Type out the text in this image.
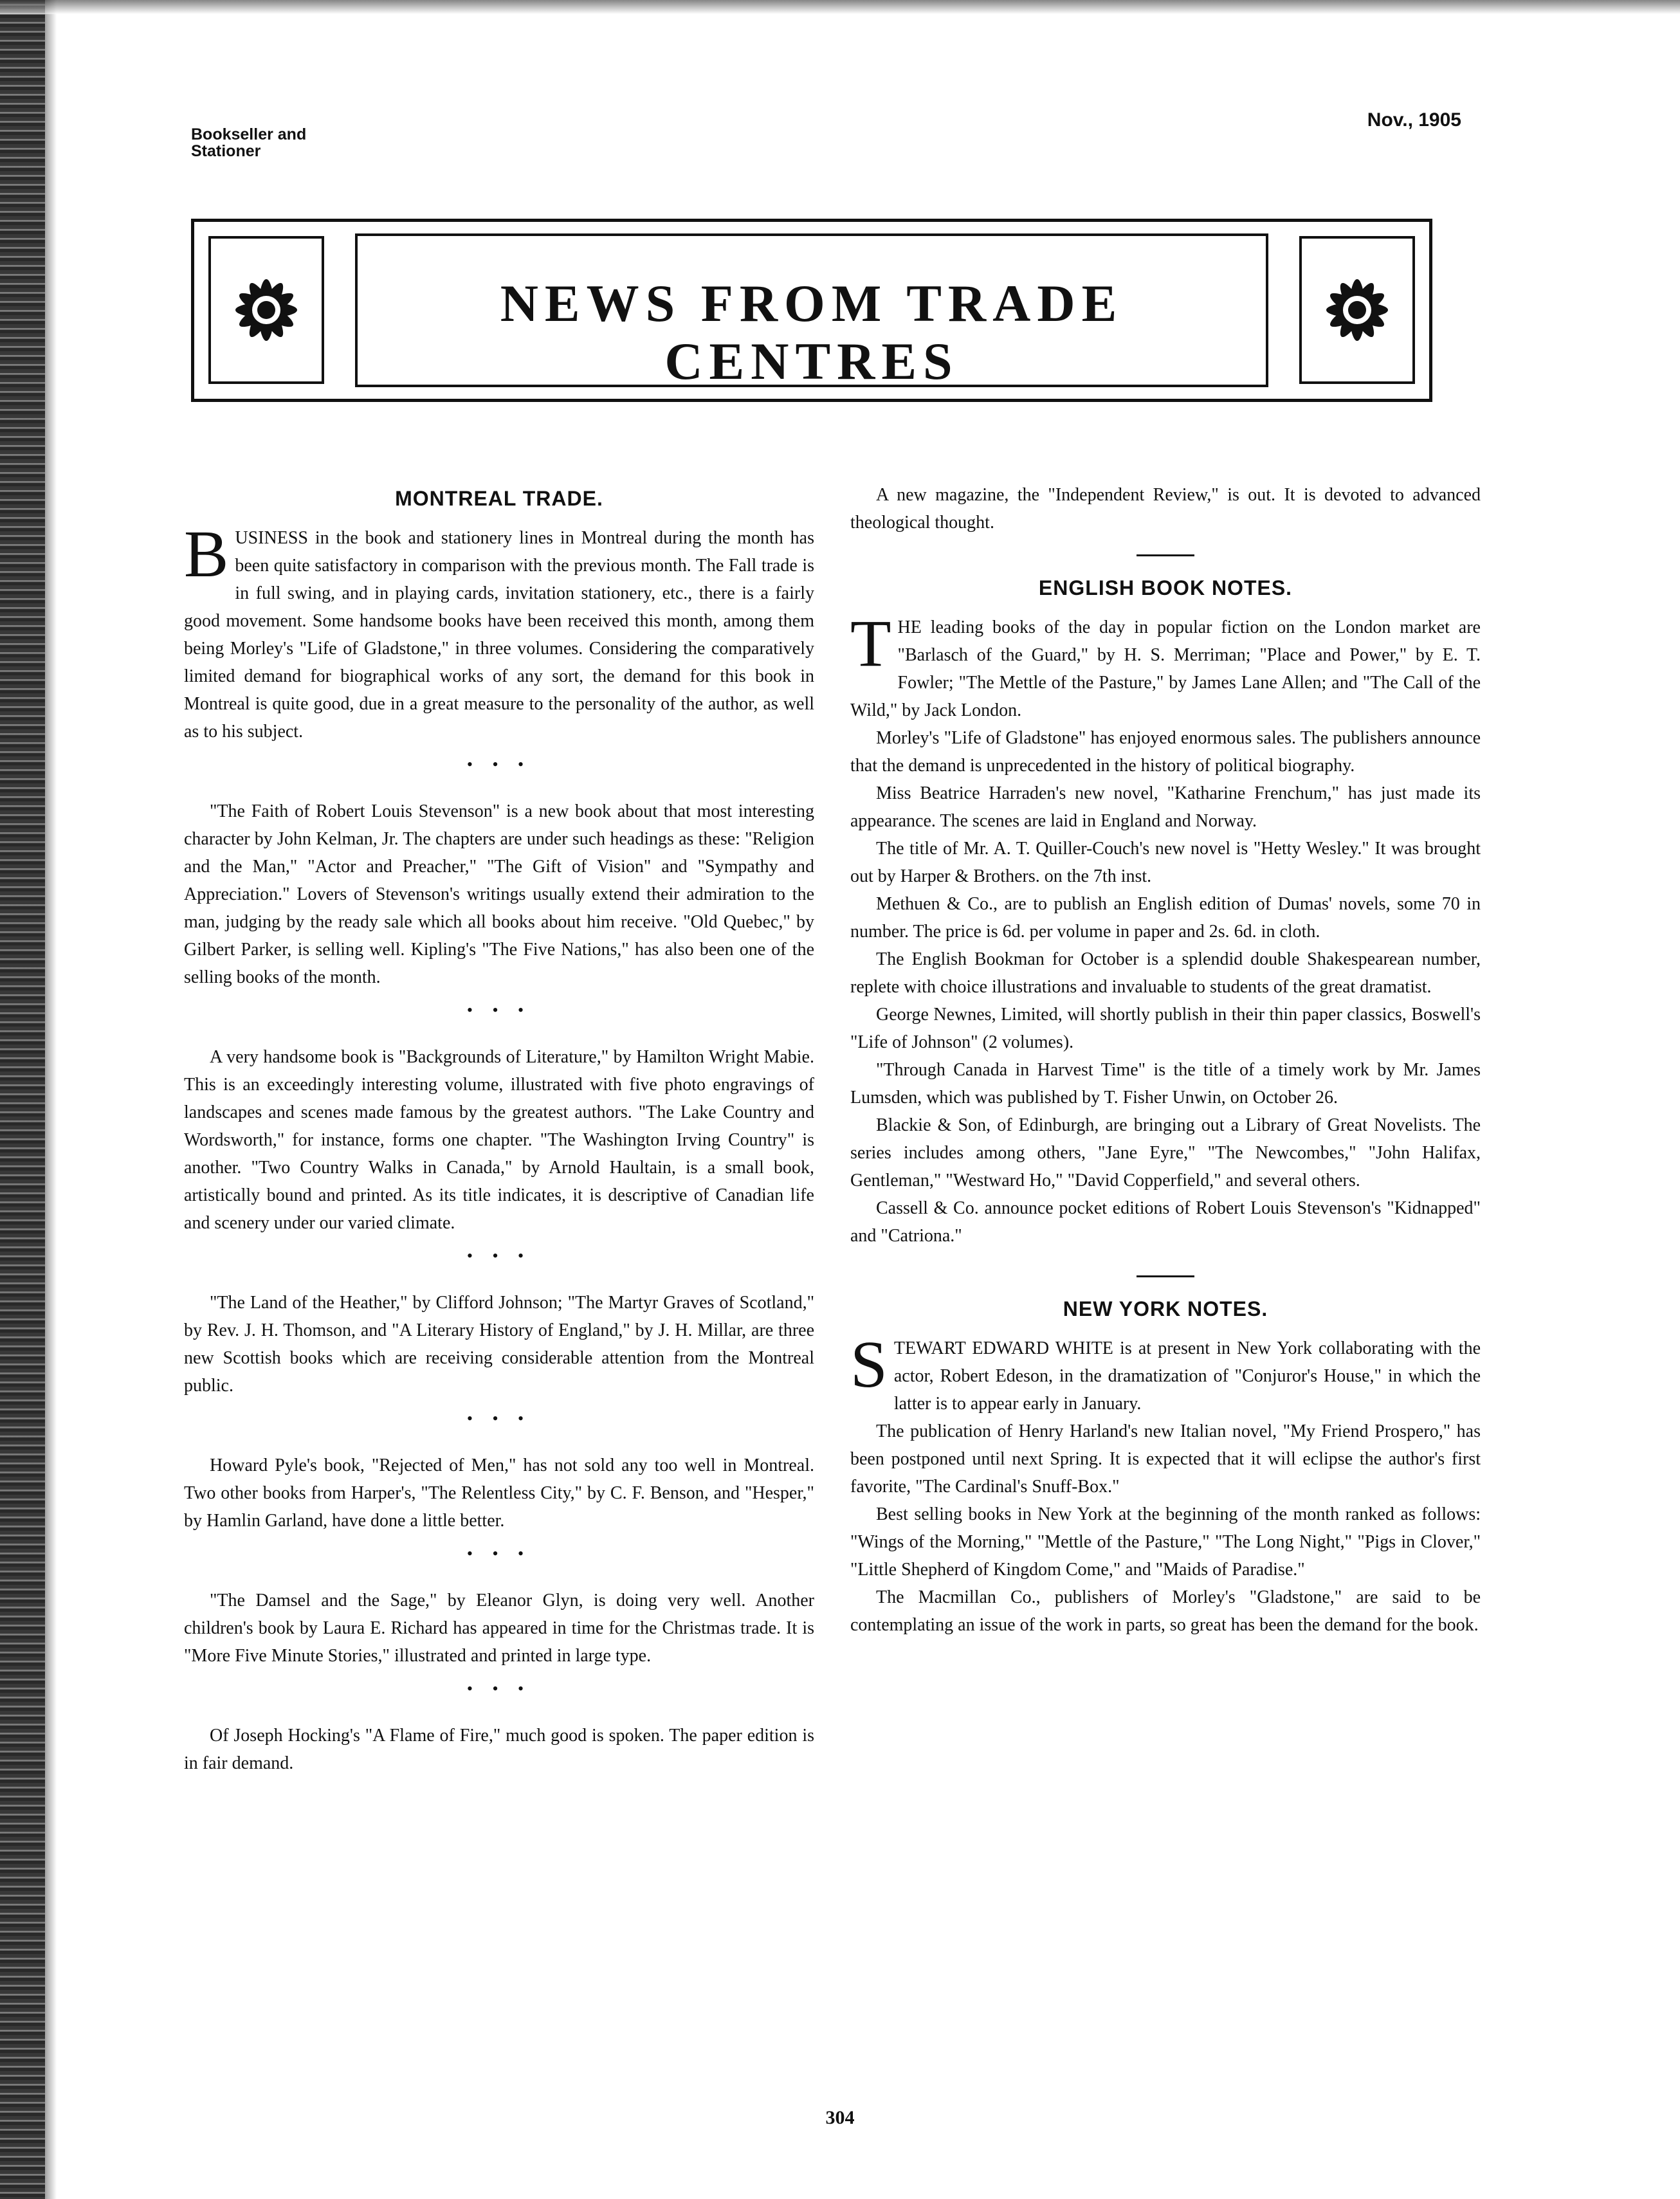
Bookseller and
Stationer
Nov., 1905
NEWS FROM TRADE
CENTRES
MONTREAL TRADE.

BUSINESS in the book and stationery lines in Montreal during the month has been quite satisfactory in comparison with the previous month. The Fall trade is in full swing, and in playing cards, invitation stationery, etc., there is a fairly good movement. Some handsome books have been received this month, among them being Morley's "Life of Gladstone," in three volumes. Considering the comparatively limited demand for biographical works of any sort, the demand for this book in Montreal is quite good, due in a great measure to the personality of the author, as well as to his subject.

• • •

"The Faith of Robert Louis Stevenson" is a new book about that most interesting character by John Kelman, Jr. The chapters are under such headings as these: "Religion and the Man," "Actor and Preacher," "The Gift of Vision" and "Sympathy and Appreciation." Lovers of Stevenson's writings usually extend their admiration to the man, judging by the ready sale which all books about him receive. "Old Quebec," by Gilbert Parker, is selling well. Kipling's "The Five Nations," has also been one of the selling books of the month.

• • •

A very handsome book is "Backgrounds of Literature," by Hamilton Wright Mabie. This is an exceedingly interesting volume, illustrated with five photo engravings of landscapes and scenes made famous by the greatest authors. "The Lake Country and Wordsworth," for instance, forms one chapter. "The Washington Irving Country" is another. "Two Country Walks in Canada," by Arnold Haultain, is a small book, artistically bound and printed. As its title indicates, it is descriptive of Canadian life and scenery under our varied climate.

• • •

"The Land of the Heather," by Clifford Johnson; "The Martyr Graves of Scotland," by Rev. J. H. Thomson, and "A Literary History of England," by J. H. Millar, are three new Scottish books which are receiving considerable attention from the Montreal public.

• • •

Howard Pyle's book, "Rejected of Men," has not sold any too well in Montreal. Two other books from Harper's, "The Relentless City," by C. F. Benson, and "Hesper," by Hamlin Garland, have done a little better.

• • •

"The Damsel and the Sage," by Eleanor Glyn, is doing very well. Another children's book by Laura E. Richard has appeared in time for the Christmas trade. It is "More Five Minute Stories," illustrated and printed in large type.

• • •

Of Joseph Hocking's "A Flame of Fire," much good is spoken. The paper edition is in fair demand.

A new magazine, the "Independent Review," is out. It is devoted to advanced theological thought.

ENGLISH BOOK NOTES.

THE leading books of the day in popular fiction on the London market are "Barlasch of the Guard," by H. S. Merriman; "Place and Power," by E. T. Fowler; "The Mettle of the Pasture," by James Lane Allen; and "The Call of the Wild," by Jack London.

Morley's "Life of Gladstone" has enjoyed enormous sales. The publishers announce that the demand is unprecedented in the history of political biography.

Miss Beatrice Harraden's new novel, "Katharine Frenchum," has just made its appearance. The scenes are laid in England and Norway.

The title of Mr. A. T. Quiller-Couch's new novel is "Hetty Wesley." It was brought out by Harper & Brothers. on the 7th inst.

Methuen & Co., are to publish an English edition of Dumas' novels, some 70 in number. The price is 6d. per volume in paper and 2s. 6d. in cloth.

The English Bookman for October is a splendid double Shakespearean number, replete with choice illustrations and invaluable to students of the great dramatist.

George Newnes, Limited, will shortly publish in their thin paper classics, Boswell's "Life of Johnson" (2 volumes).

"Through Canada in Harvest Time" is the title of a timely work by Mr. James Lumsden, which was published by T. Fisher Unwin, on October 26.

Blackie & Son, of Edinburgh, are bringing out a Library of Great Novelists. The series includes among others, "Jane Eyre," "The Newcombes," "John Halifax, Gentleman," "Westward Ho," "David Copperfield," and several others.

Cassell & Co. announce pocket editions of Robert Louis Stevenson's "Kidnapped" and "Catriona."

NEW YORK NOTES.

STEWART EDWARD WHITE is at present in New York collaborating with the actor, Robert Edeson, in the dramatization of "Conjuror's House," in which the latter is to appear early in January.

The publication of Henry Harland's new Italian novel, "My Friend Prospero," has been postponed until next Spring. It is expected that it will eclipse the author's first favorite, "The Cardinal's Snuff-Box."

Best selling books in New York at the beginning of the month ranked as follows: "Wings of the Morning," "Mettle of the Pasture," "The Long Night," "Pigs in Clover," "Little Shepherd of Kingdom Come," and "Maids of Paradise."

The Macmillan Co., publishers of Morley's "Gladstone," are said to be contemplating an issue of the work in parts, so great has been the demand for the book.

304
